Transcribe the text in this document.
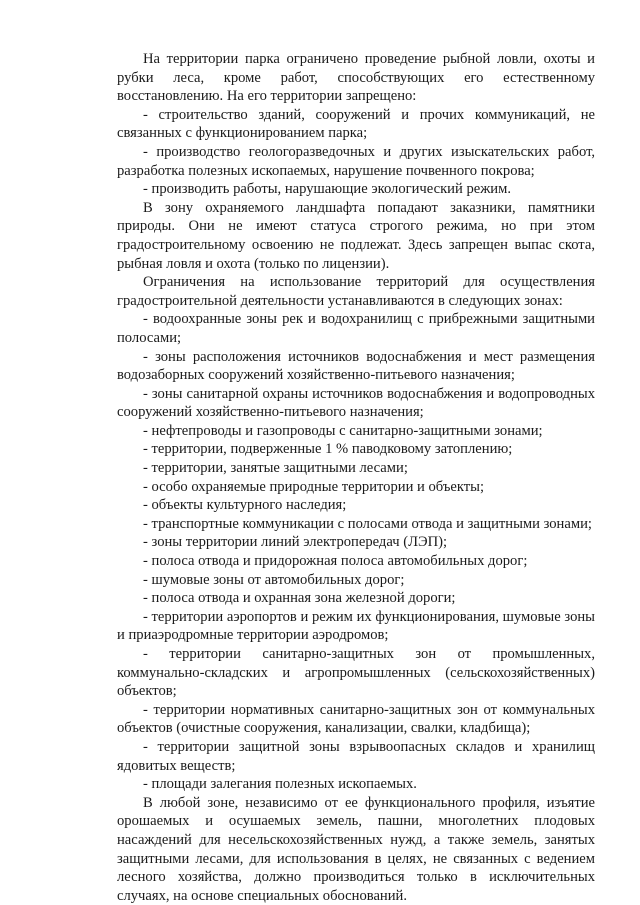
На территории парка ограничено проведение рыбной ловли, охоты и рубки леса, кроме работ, способствующих его естественному восстановлению. На его территории запрещено:

- строительство зданий, сооружений и прочих коммуникаций, не связанных с функционированием парка;

- производство геологоразведочных и других изыскательских работ, разработка полезных ископаемых, нарушение почвенного покрова;

- производить работы, нарушающие экологический режим.

В зону охраняемого ландшафта попадают заказники, памятники природы. Они не имеют статуса строгого режима, но при этом градостроительному освоению не подлежат. Здесь запрещен выпас скота, рыбная ловля и охота (только по лицензии).

Ограничения на использование территорий для осуществления градостроительной деятельности устанавливаются в следующих зонах:

- водоохранные зоны рек и водохранилищ с прибрежными защитными полосами;

- зоны расположения источников водоснабжения и мест размещения водозаборных сооружений хозяйственно-питьевого назначения;

- зоны санитарной охраны источников водоснабжения и водопроводных сооружений хозяйственно-питьевого назначения;

- нефтепроводы и газопроводы с санитарно-защитными зонами;

- территории, подверженные 1 % паводковому затоплению;

- территории, занятые защитными лесами;

- особо охраняемые природные территории и объекты;

- объекты культурного наследия;

- транспортные коммуникации с полосами отвода и защитными зонами;

- зоны территории линий электропередач (ЛЭП);

- полоса отвода и придорожная полоса автомобильных дорог;

- шумовые зоны от автомобильных дорог;

- полоса отвода и охранная зона железной дороги;

- территории аэропортов и режим их функционирования, шумовые зоны и приаэродромные территории аэродромов;

- территории санитарно-защитных зон от промышленных, коммунально-складских и агропромышленных (сельскохозяйственных) объектов;

- территории нормативных санитарно-защитных зон от коммунальных объектов (очистные сооружения, канализации, свалки, кладбища);

- территории защитной зоны взрывоопасных складов и хранилищ ядовитых веществ;

- площади залегания полезных ископаемых.

В любой зоне, независимо от ее функционального профиля, изъятие орошаемых и осушаемых земель, пашни, многолетних плодовых насаждений для несельскохозяйственных нужд, а также земель, занятых защитными лесами, для использования в целях, не связанных с ведением лесного хозяйства, должно производиться только в исключительных случаях, на основе специальных обоснований.
